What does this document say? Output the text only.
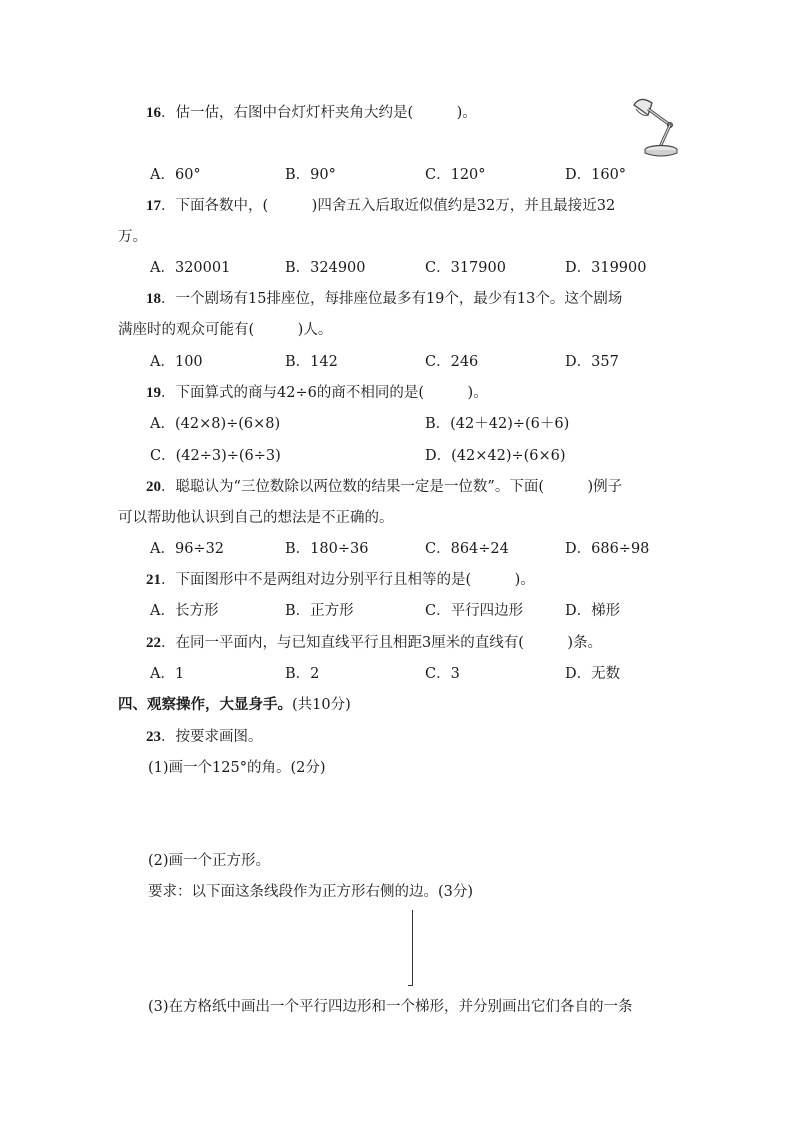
16．估一估，右图中台灯灯杆夹角大约是(　　　)。
A．60°	B．90°	C．120°	D．160°
17．下面各数中，(　　　)四舍五入后取近似值约是32万，并且最接近32
万。
A．320001	B．324900	C．317900	D．319900
18．一个剧场有15排座位，每排座位最多有19个，最少有13个。这个剧场
满座时的观众可能有(　　　)人。
A．100	B．142	C．246	D．357
19．下面算式的商与42÷6的商不相同的是(　　　)。
A．(42×8)÷(6×8)	B．(42＋42)÷(6＋6)
C．(42÷3)÷(6÷3)	D．(42×42)÷(6×6)
20．聪聪认为“三位数除以两位数的结果一定是一位数”。下面(　　　)例子
可以帮助他认识到自己的想法是不正确的。
A．96÷32	B．180÷36	C．864÷24	D．686÷98
21．下面图形中不是两组对边分别平行且相等的是(　　　)。
A．长方形	B．正方形	C．平行四边形	D．梯形
22．在同一平面内，与已知直线平行且相距3厘米的直线有(　　　)条。
A．1	B．2	C．3	D．无数
四、观察操作，大显身手。(共10分)
23．按要求画图。
(1)画一个125°的角。(2分)
(2)画一个正方形。
要求：以下面这条线段作为正方形右侧的边。(3分)
(3)在方格纸中画出一个平行四边形和一个梯形，并分别画出它们各自的一条
